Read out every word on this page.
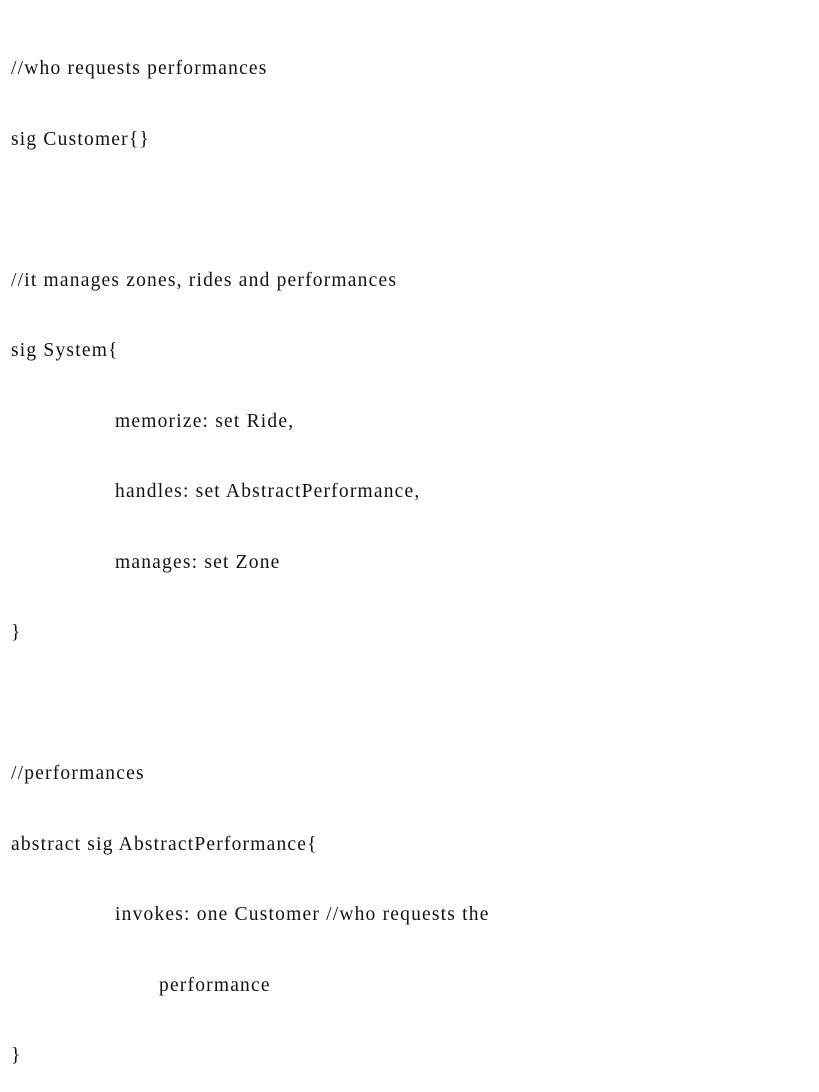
//who requests performances

sig Customer{}

//it manages zones, rides and performances

sig System{

memorize: set Ride,

handles: set AbstractPerformance,

manages: set Zone

}

//performances

abstract sig AbstractPerformance{

invokes: one Customer //who requests the

performance

}
